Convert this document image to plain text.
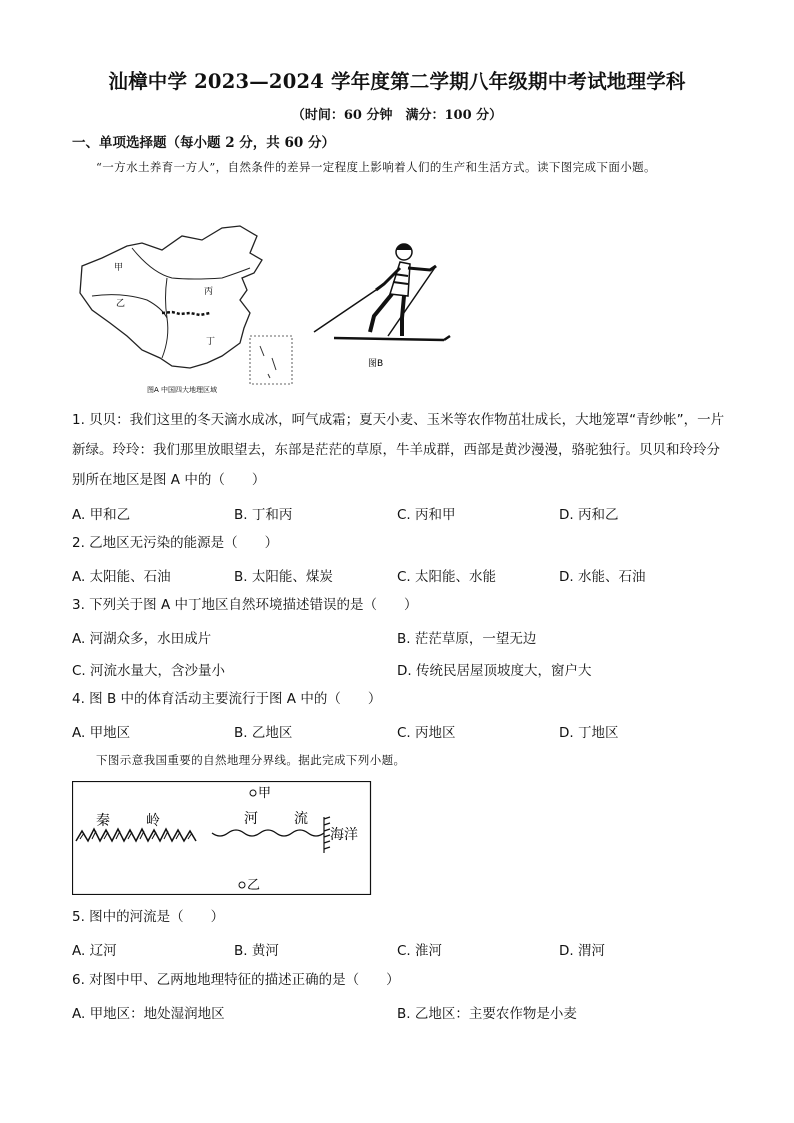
汕樟中学 2023—2024 学年度第二学期八年级期中考试地理学科
（时间：60 分钟　满分：100 分）
一、单项选择题（每小题 2 分，共 60 分）
“一方水土养育一方人”，自然条件的差异一定程度上影响着人们的生产和生活方式。读下图完成下面小题。
甲
乙
丙
丁
图A 中国四大地理区域
图B
1. 贝贝：我们这里的冬天滴水成冰，呵气成霜；夏天小麦、玉米等农作物茁壮成长，大地笼罩“青纱帐”，一片新绿。玲玲：我们那里放眼望去，东部是茫茫的草原，牛羊成群，西部是黄沙漫漫，骆驼独行。贝贝和玲玲分别所在地区是图 A 中的（　　）
A. 甲和乙	B. 丁和丙	C. 丙和甲	D. 丙和乙
2. 乙地区无污染的能源是（　　）
A. 太阳能、石油	B. 太阳能、煤炭	C. 太阳能、水能	D. 水能、石油
3. 下列关于图 A 中丁地区自然环境描述错误的是（　　）
A. 河湖众多，水田成片	B. 茫茫草原，一望无边
C. 河流水量大，含沙量小	D. 传统民居屋顶坡度大，窗户大
4. 图 B 中的体育活动主要流行于图 A 中的（　　）
A. 甲地区	B. 乙地区	C. 丙地区	D. 丁地区
下图示意我国重要的自然地理分界线。据此完成下列小题。
甲
乙
秦	岭	河	流
海洋
5. 图中的河流是（　　）
A. 辽河	B. 黄河	C. 淮河	D. 渭河
6. 对图中甲、乙两地地理特征的描述正确的是（　　）
A. 甲地区：地处湿润地区	B. 乙地区：主要农作物是小麦
